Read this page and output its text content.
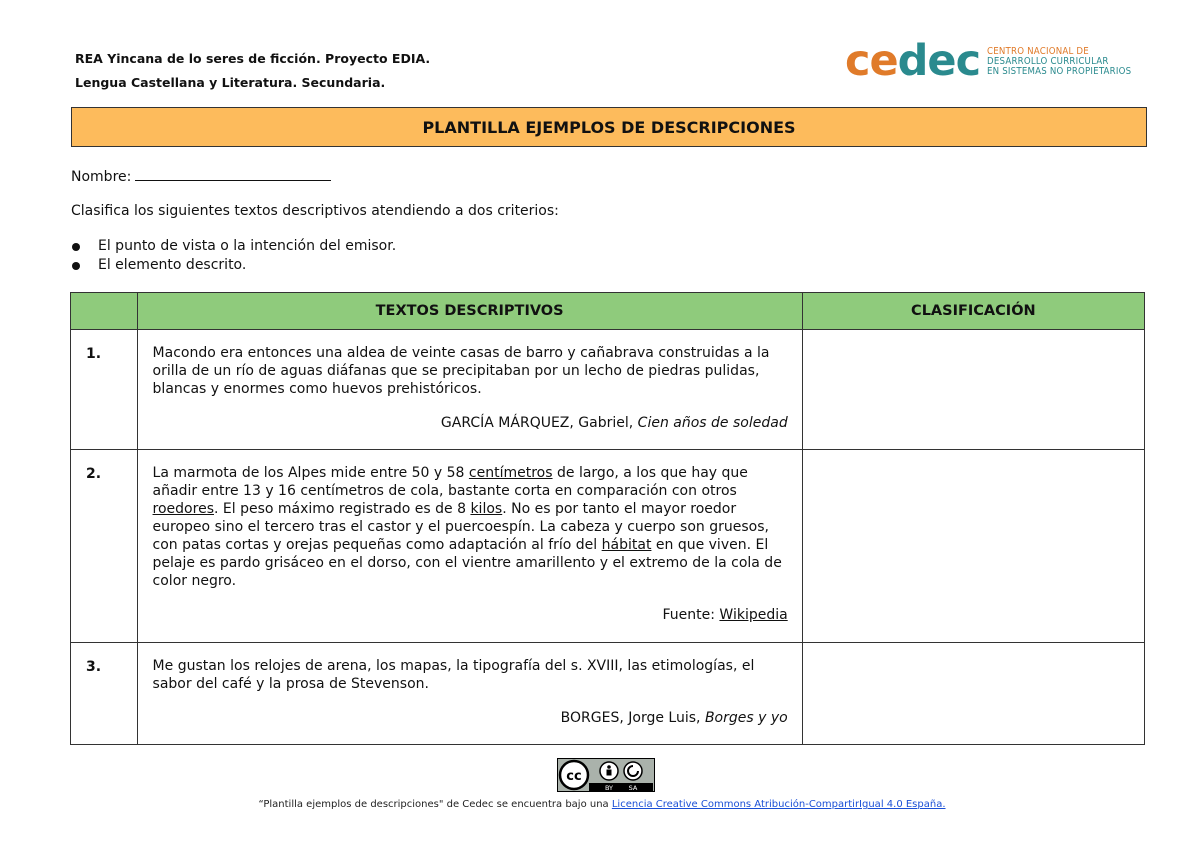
REA Yincana de lo seres de ficción. Proyecto EDIA.
Lengua Castellana y Literatura. Secundaria.	cedec CENTRO NACIONAL DE
DESARROLLO CURRICULAR
EN SISTEMAS NO PROPIETARIOS
PLANTILLA EJEMPLOS DE DESCRIPCIONES
Nombre:
Clasifica los siguientes textos descriptivos atendiendo a dos criterios:
El punto de vista o la intención del emisor.
El elemento descrito.
	TEXTOS DESCRIPTIVOS	CLASIFICACIÓN
1.	Macondo era entonces una aldea de veinte casas de barro y cañabrava construidas a la orilla de un río de aguas diáfanas que se precipitaban por un lecho de piedras pulidas, blancas y enormes como huevos prehistóricos.
GARCÍA MÁRQUEZ, Gabriel, Cien años de soledad	

2.	La marmota de los Alpes mide entre 50 y 58 centímetros de largo, a los que hay que añadir entre 13 y 16 centímetros de cola, bastante corta en comparación con otros roedores. El peso máximo registrado es de 8 kilos. No es por tanto el mayor roedor europeo sino el tercero tras el castor y el puercoespín. La cabeza y cuerpo son gruesos, con patas cortas y orejas pequeñas como adaptación al frío del hábitat en que viven. El pelaje es pardo grisáceo en el dorso, con el vientre amarillento y el extremo de la cola de color negro.
Fuente: Wikipedia	

3.	Me gustan los relojes de arena, los mapas, la tipografía del s. XVIII, las etimologías, el sabor del café y la prosa de Stevenson.
BORGES, Jorge Luis, Borges y yo	

cc
BY SA
“Plantilla ejemplos de descripciones" de Cedec se encuentra bajo una Licencia Creative Commons Atribución-CompartirIgual 4.0 España.
